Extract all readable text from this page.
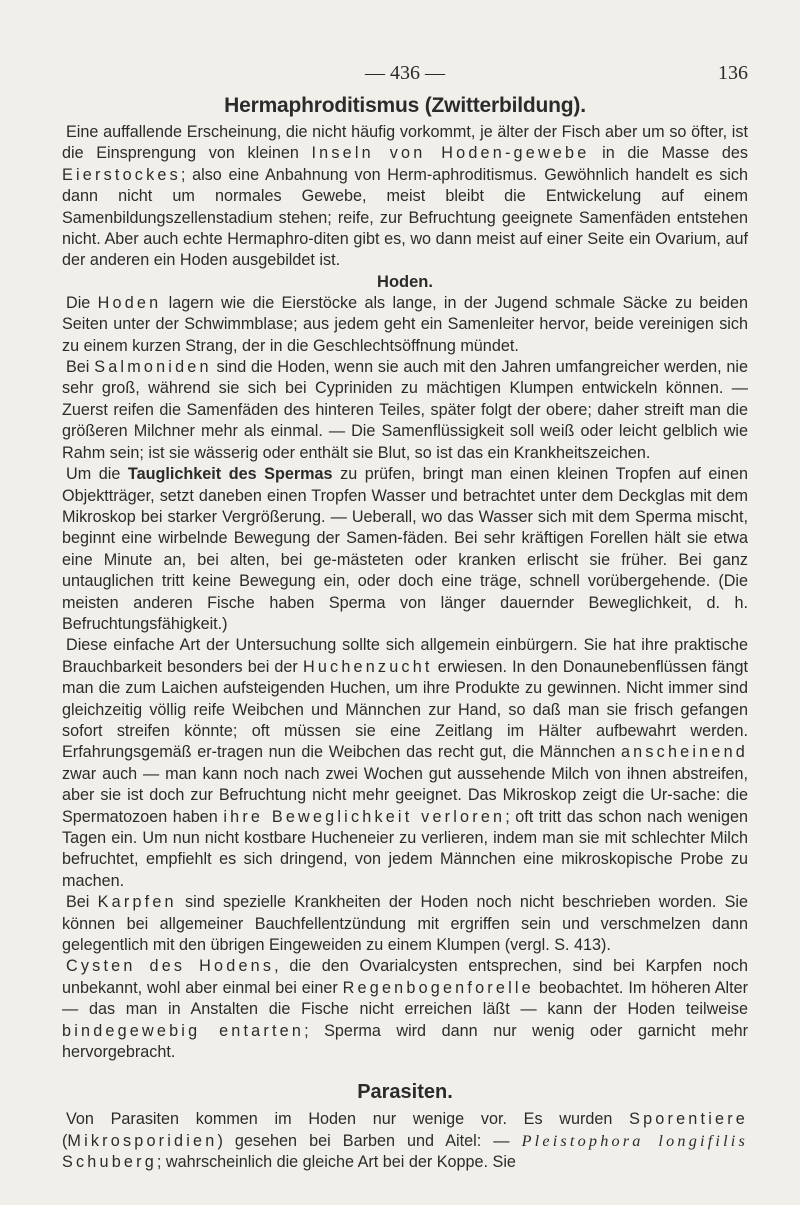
— 436 —	136
Hermaphroditismus (Zwitterbildung).

Eine auffallende Erscheinung, die nicht häufig vorkommt, je älter der Fisch aber um so öfter, ist die Einsprengung von kleinen Inseln von Hoden-gewebe in die Masse des Eierstockes; also eine Anbahnung von Herm-aphroditismus. Gewöhnlich handelt es sich dann nicht um normales Gewebe, meist bleibt die Entwickelung auf einem Samenbildungszellenstadium stehen; reife, zur Befruchtung geeignete Samenfäden entstehen nicht. Aber auch echte Hermaphro-diten gibt es, wo dann meist auf einer Seite ein Ovarium, auf der anderen ein Hoden ausgebildet ist.

Hoden.

Die Hoden lagern wie die Eierstöcke als lange, in der Jugend schmale Säcke zu beiden Seiten unter der Schwimmblase; aus jedem geht ein Samenleiter hervor, beide vereinigen sich zu einem kurzen Strang, der in die Geschlechtsöffnung mündet.

Bei Salmoniden sind die Hoden, wenn sie auch mit den Jahren umfangreicher werden, nie sehr groß, während sie sich bei Cypriniden zu mächtigen Klumpen entwickeln können. — Zuerst reifen die Samenfäden des hinteren Teiles, später folgt der obere; daher streift man die größeren Milchner mehr als einmal. — Die Samenflüssigkeit soll weiß oder leicht gelblich wie Rahm sein; ist sie wässerig oder enthält sie Blut, so ist das ein Krankheitszeichen.

Um die Tauglichkeit des Spermas zu prüfen, bringt man einen kleinen Tropfen auf einen Objektträger, setzt daneben einen Tropfen Wasser und betrachtet unter dem Deckglas mit dem Mikroskop bei starker Vergrößerung. — Ueberall, wo das Wasser sich mit dem Sperma mischt, beginnt eine wirbelnde Bewegung der Samen-fäden. Bei sehr kräftigen Forellen hält sie etwa eine Minute an, bei alten, bei ge-mästeten oder kranken erlischt sie früher. Bei ganz untauglichen tritt keine Bewegung ein, oder doch eine träge, schnell vorübergehende. (Die meisten anderen Fische haben Sperma von länger dauernder Beweglichkeit, d. h. Befruchtungsfähigkeit.)

Diese einfache Art der Untersuchung sollte sich allgemein einbürgern. Sie hat ihre praktische Brauchbarkeit besonders bei der Huchenzucht erwiesen. In den Donaunebenflüssen fängt man die zum Laichen aufsteigenden Huchen, um ihre Produkte zu gewinnen. Nicht immer sind gleichzeitig völlig reife Weibchen und Männchen zur Hand, so daß man sie frisch gefangen sofort streifen könnte; oft müssen sie eine Zeitlang im Hälter aufbewahrt werden. Erfahrungsgemäß er-tragen nun die Weibchen das recht gut, die Männchen anscheinend zwar auch — man kann noch nach zwei Wochen gut aussehende Milch von ihnen abstreifen, aber sie ist doch zur Befruchtung nicht mehr geeignet. Das Mikroskop zeigt die Ur-sache: die Spermatozoen haben ihre Beweglichkeit verloren; oft tritt das schon nach wenigen Tagen ein. Um nun nicht kostbare Hucheneier zu verlieren, indem man sie mit schlechter Milch befruchtet, empfiehlt es sich dringend, von jedem Männchen eine mikroskopische Probe zu machen.

Bei Karpfen sind spezielle Krankheiten der Hoden noch nicht beschrieben worden. Sie können bei allgemeiner Bauchfellentzündung mit ergriffen sein und verschmelzen dann gelegentlich mit den übrigen Eingeweiden zu einem Klumpen (vergl. S. 413).

Cysten des Hodens, die den Ovarialcysten entsprechen, sind bei Karpfen noch unbekannt, wohl aber einmal bei einer Regenbogenforelle beobachtet. Im höheren Alter — das man in Anstalten die Fische nicht erreichen läßt — kann der Hoden teilweise bindegewebig entarten; Sperma wird dann nur wenig oder garnicht mehr hervorgebracht.

Parasiten.

Von Parasiten kommen im Hoden nur wenige vor. Es wurden Sporentiere (Mikrosporidien) gesehen bei Barben und Aitel: — Pleistophora longifilis Schuberg; wahrscheinlich die gleiche Art bei der Koppe. Sie
